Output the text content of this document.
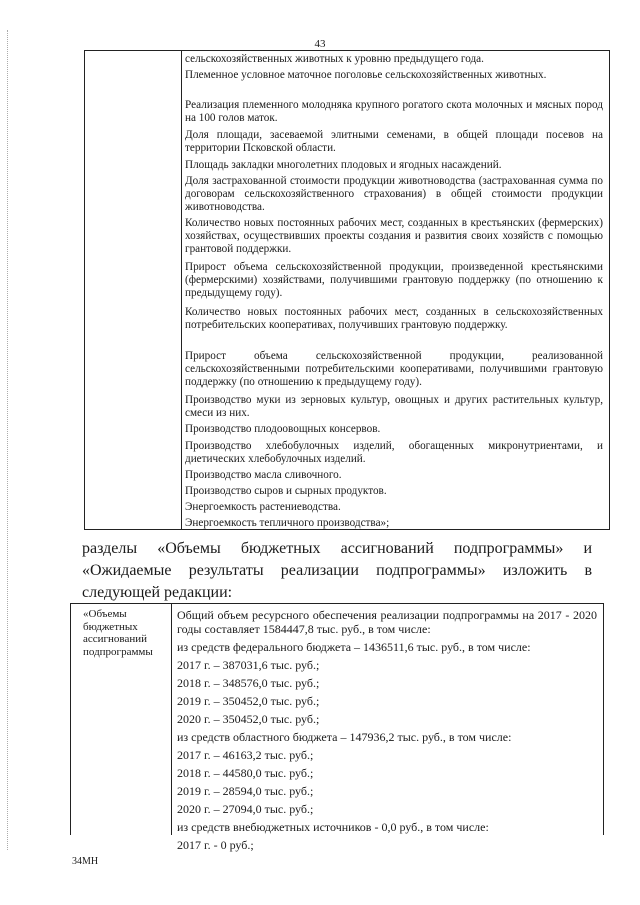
43
сельскохозяйственных животных к уровню предыдущего года.
Племенное условное маточное поголовье сельскохозяйственных животных.
Реализация племенного молодняка крупного рогатого скота молочных и мясных пород на 100 голов маток.
Доля площади, засеваемой элитными семенами, в общей площади посевов на территории Псковской области.
Площадь закладки многолетних плодовых и ягодных насаждений.
Доля застрахованной стоимости продукции животноводства (застрахованная сумма по договорам сельскохозяйственного страхования) в общей стоимости продукции животноводства.
Количество новых постоянных рабочих мест, созданных в крестьянских (фермерских) хозяйствах, осуществивших проекты создания и развития своих хозяйств с помощью грантовой поддержки.
Прирост объема сельскохозяйственной продукции, произведенной крестьянскими (фермерскими) хозяйствами, получившими грантовую поддержку (по отношению к предыдущему году).
Количество новых постоянных рабочих мест, созданных в сельскохозяйственных потребительских кооперативах, получивших грантовую поддержку.
Прирост объема сельскохозяйственной продукции, реализованной сельскохозяйственными потребительскими кооперативами, получившими грантовую поддержку (по отношению к предыдущему году).
Производство муки из зерновых культур, овощных и других растительных культур, смеси из них.
Производство плодоовощных консервов.
Производство хлебобулочных изделий, обогащенных микронутриентами, и диетических хлебобулочных изделий.
Производство масла сливочного.
Производство сыров и сырных продуктов.
Энергоемкость растениеводства.
Энергоемкость тепличного производства»;
разделы «Объемы бюджетных ассигнований подпрограммы» и
«Ожидаемые результаты реализации подпрограммы» изложить в
следующей редакции:
«Объемы бюджетных ассигнований подпрограммы
Общий объем ресурсного обеспечения реализации подпрограммы на 2017 - 2020 годы составляет 1584447,8 тыс. руб., в том числе:
из средств федерального бюджета – 1436511,6 тыс. руб., в том числе:
2017 г. – 387031,6 тыс. руб.;
2018 г. – 348576,0 тыс. руб.;
2019 г. – 350452,0 тыс. руб.;
2020 г. – 350452,0 тыс. руб.;
из средств областного бюджета – 147936,2 тыс. руб., в том числе:
2017 г. – 46163,2 тыс. руб.;
2018 г. – 44580,0 тыс. руб.;
2019 г. – 28594,0 тыс. руб.;
2020 г. – 27094,0 тыс. руб.;
из средств внебюджетных источников - 0,0 руб., в том числе:
2017 г. - 0 руб.;
34МН
